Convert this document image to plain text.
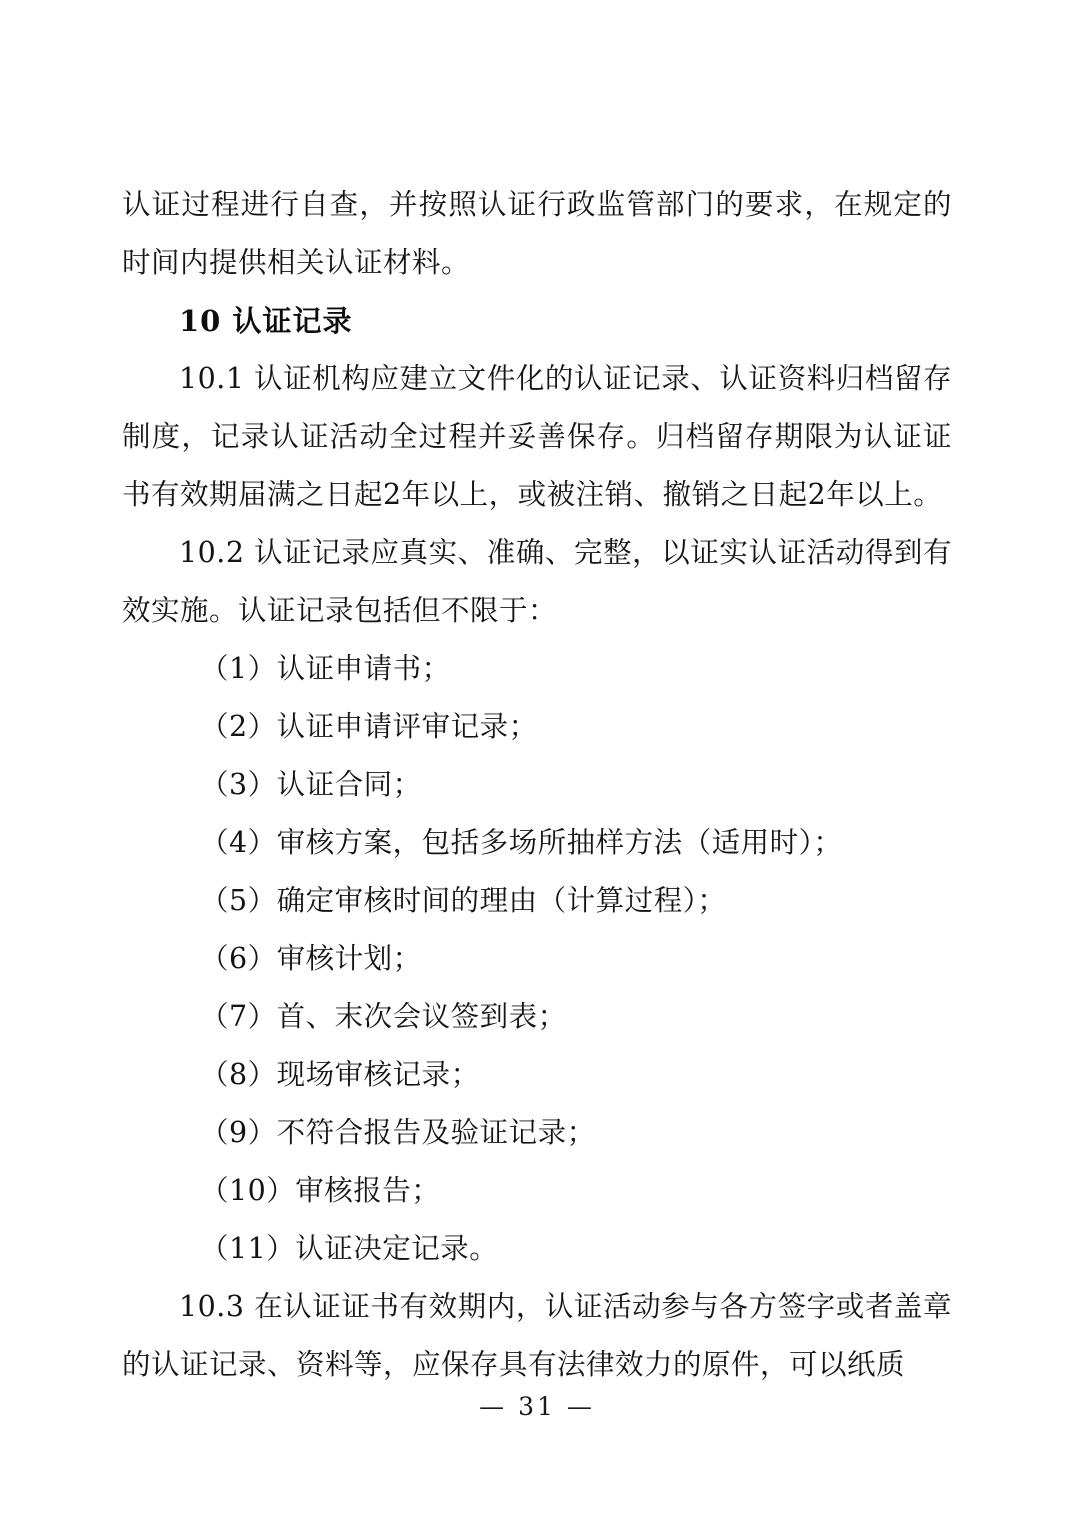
认证过程进行自查，并按照认证行政监管部门的要求，在规定的时间内提供相关认证材料。

10 认证记录

10.1 认证机构应建立文件化的认证记录、认证资料归档留存制度，记录认证活动全过程并妥善保存。归档留存期限为认证证书有效期届满之日起2年以上，或被注销、撤销之日起2年以上。

10.2 认证记录应真实、准确、完整，以证实认证活动得到有效实施。认证记录包括但不限于：

（1）认证申请书；

（2）认证申请评审记录；

（3）认证合同；

（4）审核方案，包括多场所抽样方法（适用时）；

（5）确定审核时间的理由（计算过程）；

（6）审核计划；

（7）首、末次会议签到表；

（8）现场审核记录；

（9）不符合报告及验证记录；

（10）审核报告；

（11）认证决定记录。

10.3 在认证证书有效期内，认证活动参与各方签字或者盖章的认证记录、资料等，应保存具有法律效力的原件，可以纸质

— 31 —
